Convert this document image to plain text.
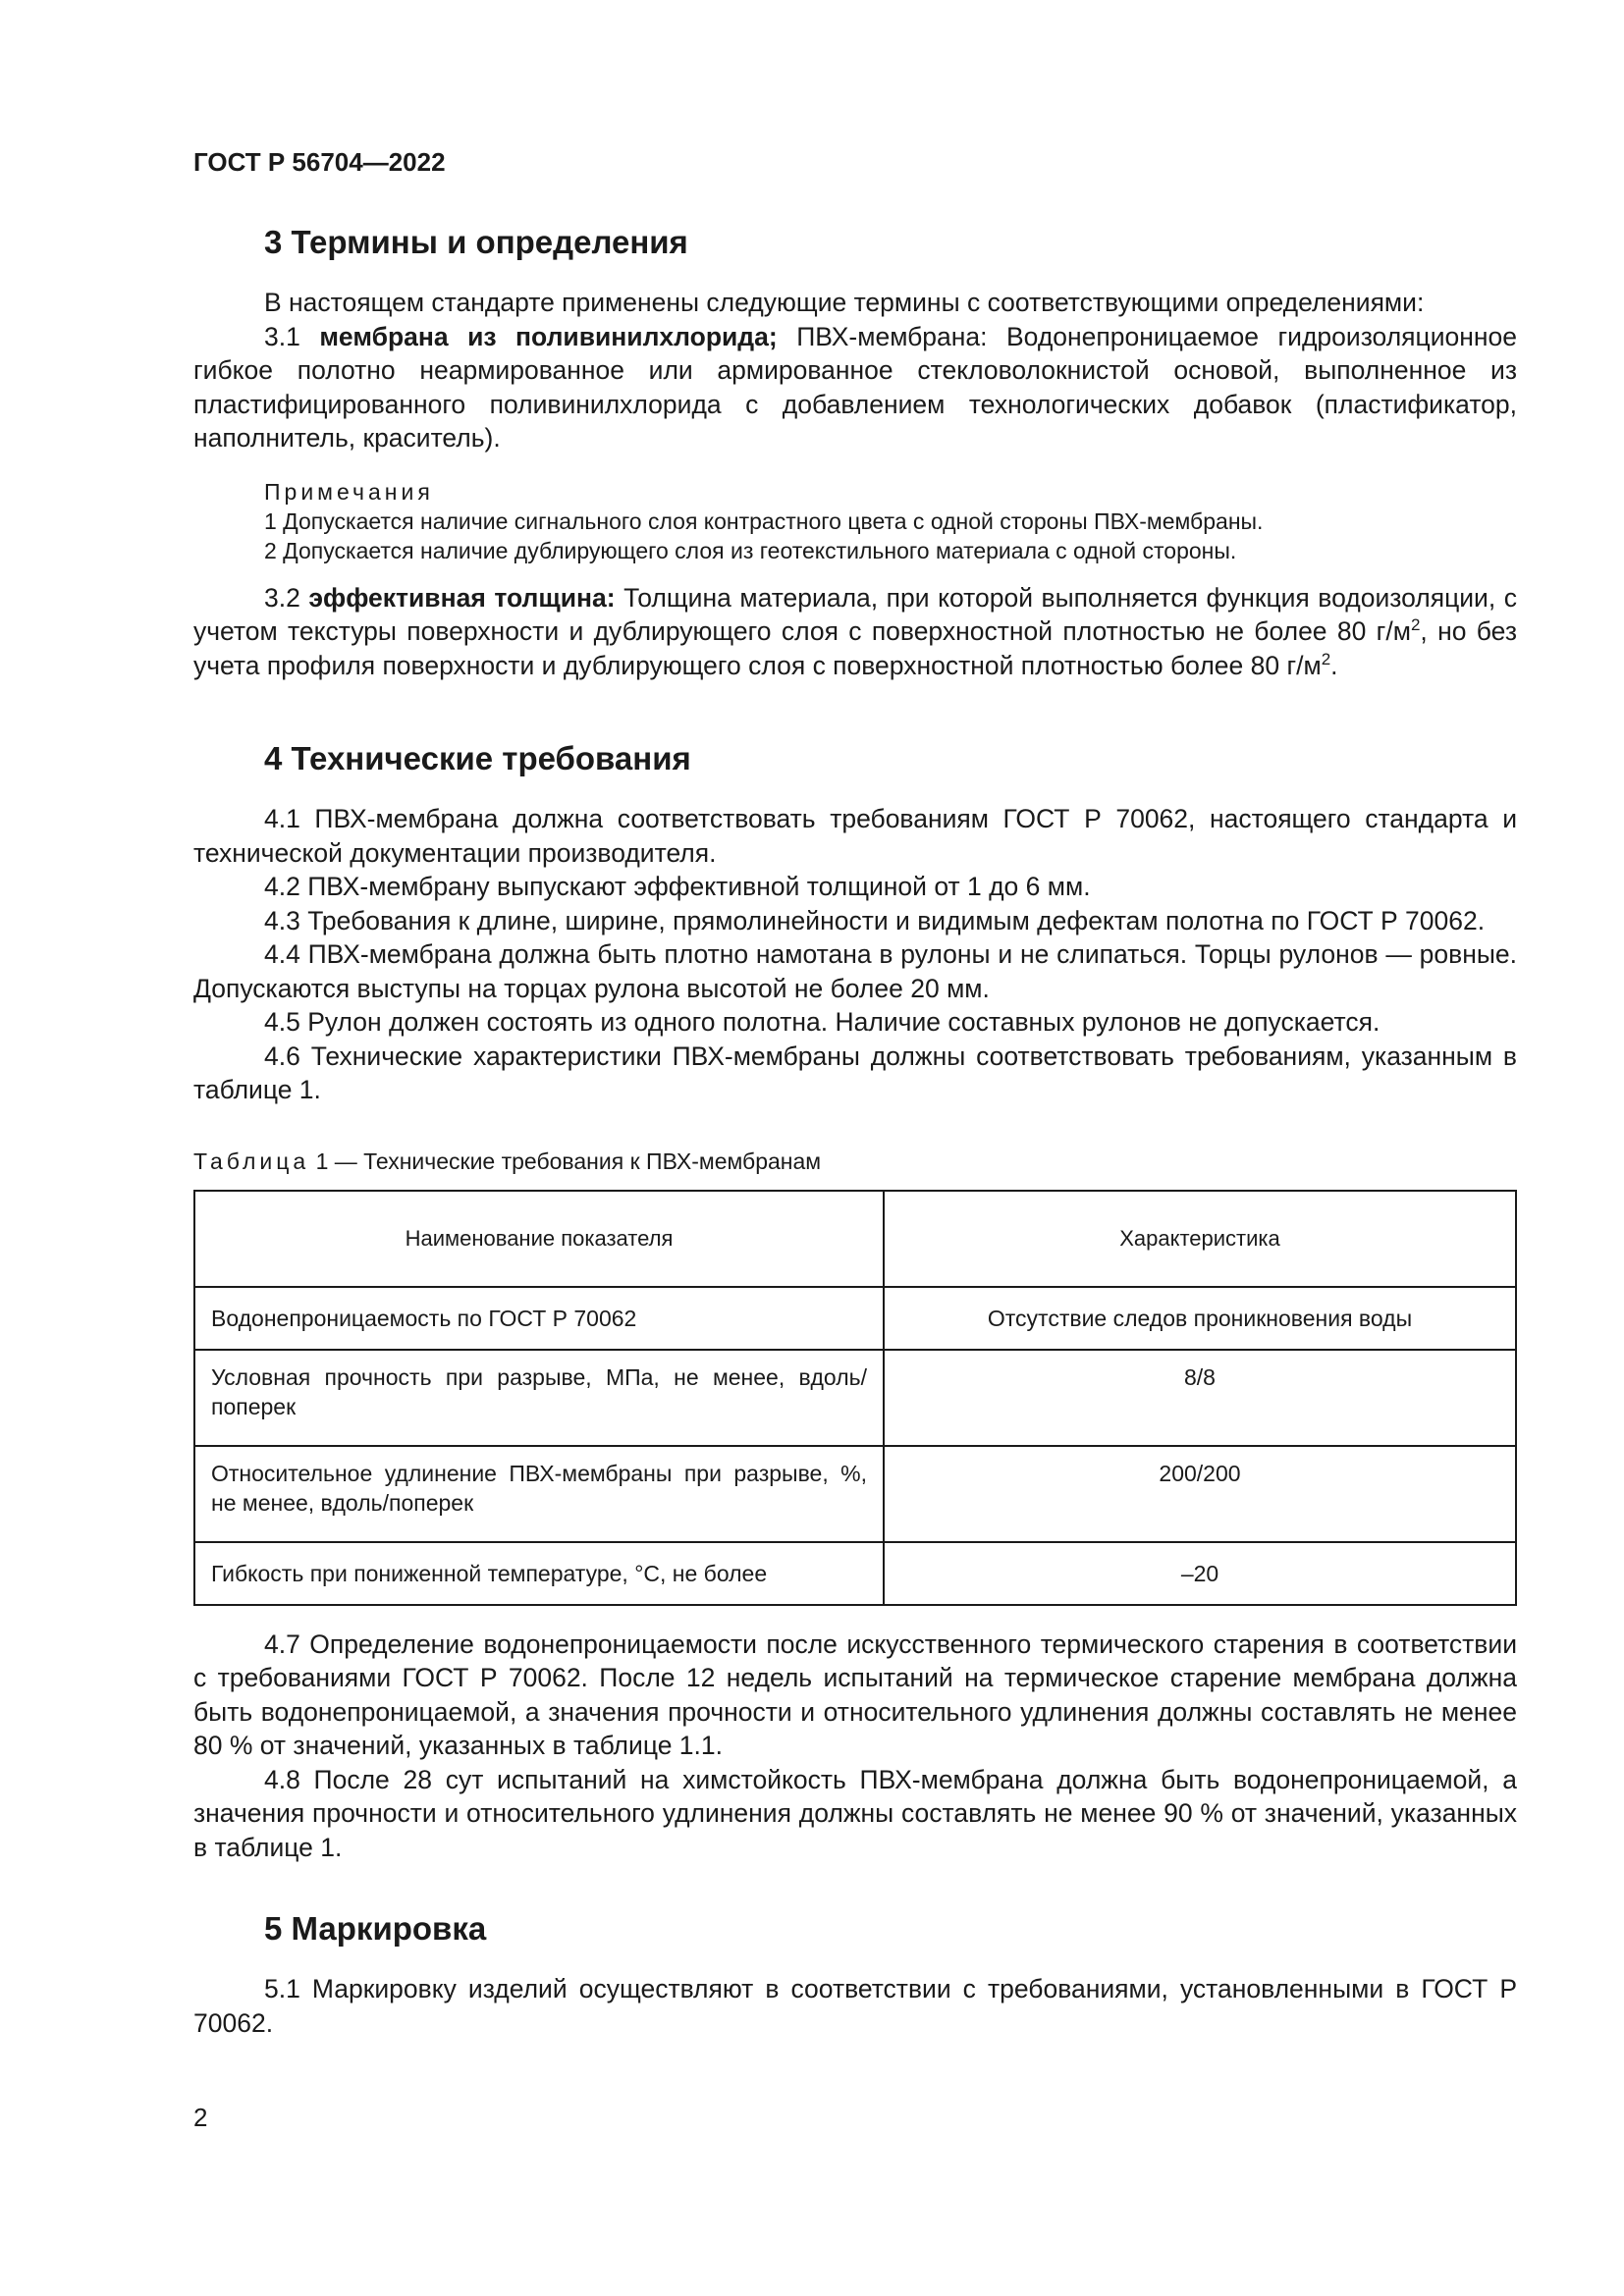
ГОСТ Р 56704—2022
3 Термины и определения

В настоящем стандарте применены следующие термины с соответствующими определениями:

3.1 мембрана из поливинилхлорида; ПВХ-мембрана: Водонепроницаемое гидроизоляционное гибкое полотно неармированное или армированное стекловолокнистой основой, выполненное из пластифицированного поливинилхлорида с добавлением технологических добавок (пластификатор, наполнитель, краситель).

Примечания
1 Допускается наличие сигнального слоя контрастного цвета с одной стороны ПВХ-мембраны.
2 Допускается наличие дублирующего слоя из геотекстильного материала с одной стороны.

3.2 эффективная толщина: Толщина материала, при которой выполняется функция водоизоляции, с учетом текстуры поверхности и дублирующего слоя с поверхностной плотностью не более 80 $г/м^2$, но без учета профиля поверхности и дублирующего слоя с поверхностной плотностью более 80 $г/м^2$.

4 Технические требования

4.1 ПВХ-мембрана должна соответствовать требованиям ГОСТ Р 70062, настоящего стандарта и технической документации производителя.

4.2 ПВХ-мембрану выпускают эффективной толщиной от 1 до 6 мм.

4.3 Требования к длине, ширине, прямолинейности и видимым дефектам полотна по ГОСТ Р 70062.

4.4 ПВХ-мембрана должна быть плотно намотана в рулоны и не слипаться. Торцы рулонов — ровные. Допускаются выступы на торцах рулона высотой не более 20 мм.

4.5 Рулон должен состоять из одного полотна. Наличие составных рулонов не допускается.

4.6 Технические характеристики ПВХ-мембраны должны соответствовать требованиям, указанным в таблице 1.

Таблица 1 — Технические требования к ПВХ-мембранам
Наименование показателя	Характеристика
Водонепроницаемость по ГОСТ Р 70062	Отсутствие следов проникновения воды
Условная прочность при разрыве, МПа, не менее, вдоль/поперек	8/8
Относительное удлинение ПВХ-мембраны при разрыве, %, не менее, вдоль/поперек	200/200
Гибкость при пониженной температуре, °С, не более	–20

4.7 Определение водонепроницаемости после искусственного термического старения в соответствии с требованиями ГОСТ Р 70062. После 12 недель испытаний на термическое старение мембрана должна быть водонепроницаемой, а значения прочности и относительного удлинения должны составлять не менее 80 % от значений, указанных в таблице 1.1.

4.8 После 28 сут испытаний на химстойкость ПВХ-мембрана должна быть водонепроницаемой, а значения прочности и относительного удлинения должны составлять не менее 90 % от значений, указанных в таблице 1.

5 Маркировка

5.1 Маркировку изделий осуществляют в соответствии с требованиями, установленными в ГОСТ Р 70062.

2
